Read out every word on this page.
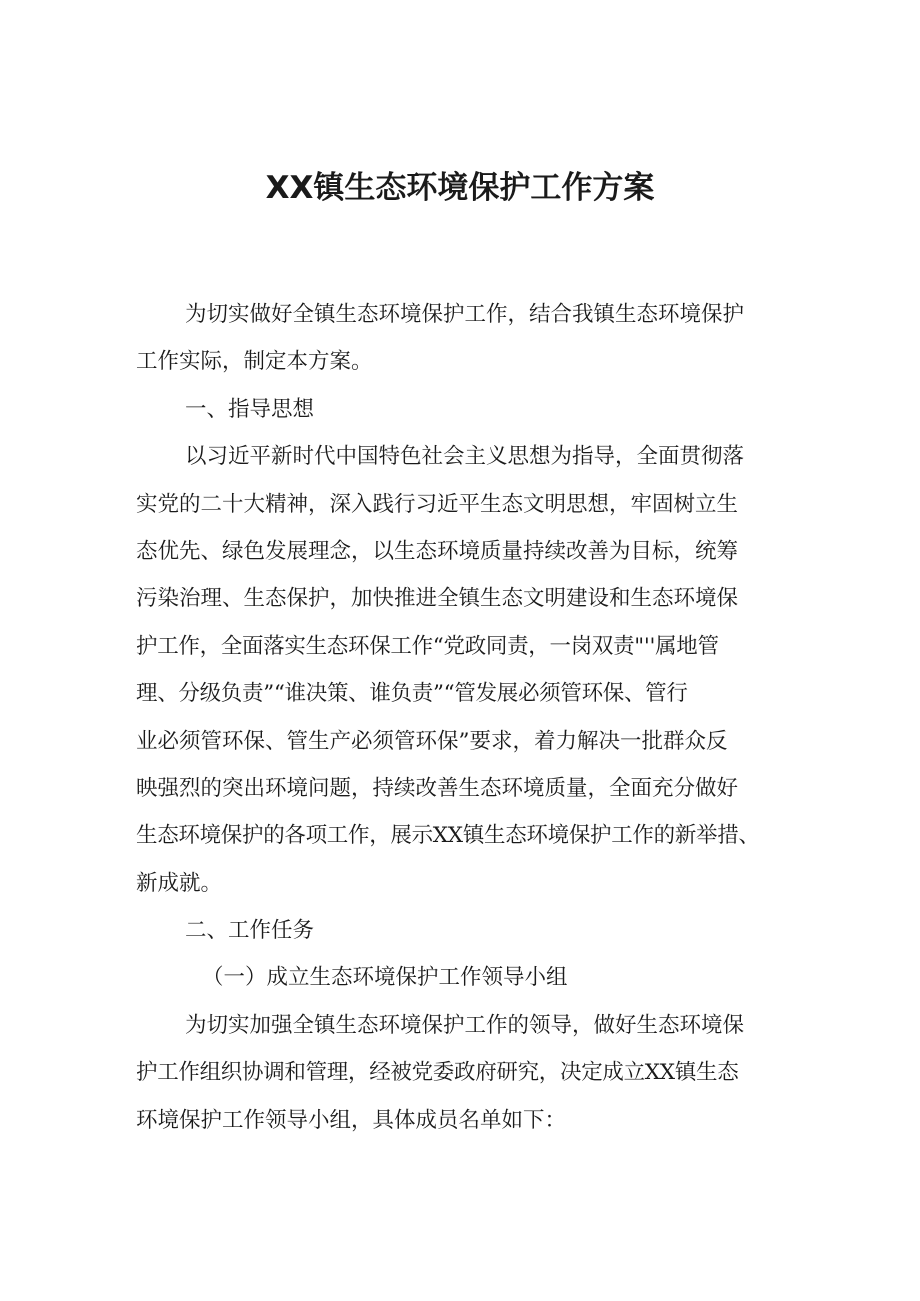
XX镇生态环境保护工作方案
为切实做好全镇生态环境保护工作，结合我镇生态环境保护
工作实际，制定本方案。
一、指导思想
以习近平新时代中国特色社会主义思想为指导，全面贯彻落
实党的二十大精神，深入践行习近平生态文明思想，牢固树立生
态优先、绿色发展理念，以生态环境质量持续改善为目标，统筹
污染治理、生态保护，加快推进全镇生态文明建设和生态环境保
护工作，全面落实生态环保工作“党政同责，一岗双责"''属地管
理、分级负责”“谁决策、谁负责”“管发展必须管环保、管行
业必须管环保、管生产必须管环保”要求，着力解决一批群众反
映强烈的突出环境问题，持续改善生态环境质量，全面充分做好
生态环境保护的各项工作，展示XX镇生态环境保护工作的新举措、
新成就。
二、工作任务
（一）成立生态环境保护工作领导小组
为切实加强全镇生态环境保护工作的领导，做好生态环境保
护工作组织协调和管理，经被党委政府研究，决定成立XX镇生态
环境保护工作领导小组，具体成员名单如下：
